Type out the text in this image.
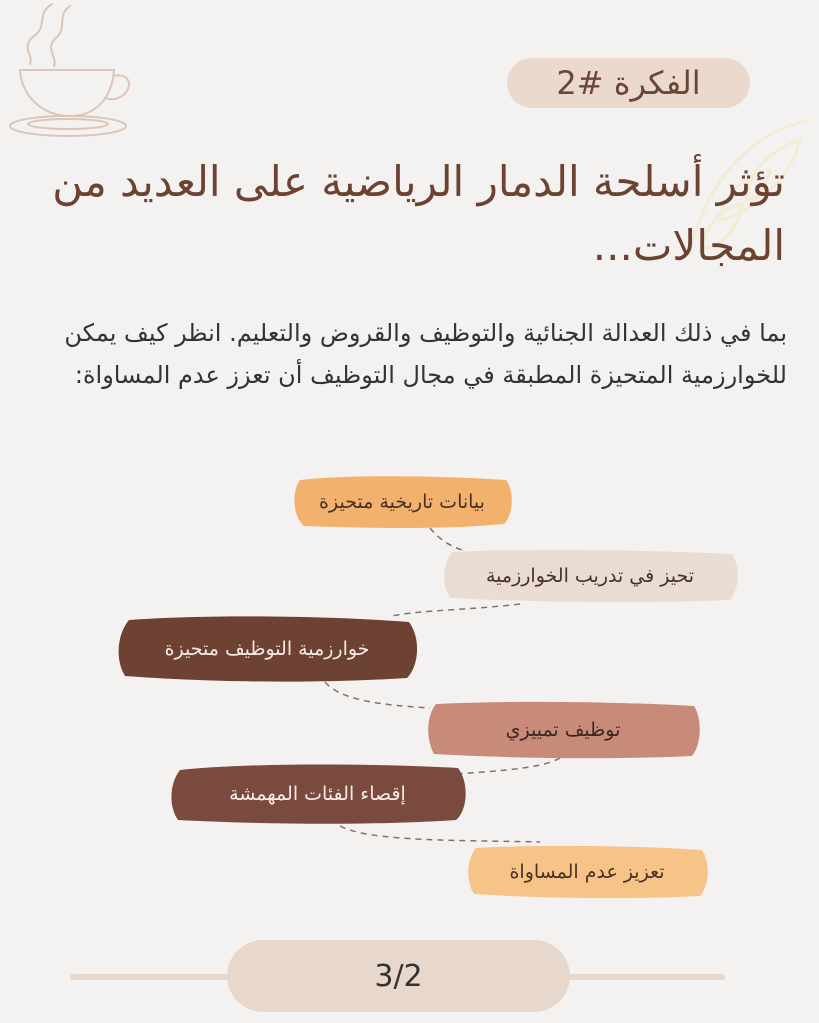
الفكرة #2
تؤثر أسلحة الدمار الرياضية على العديد من المجالات...

بما في ذلك العدالة الجنائية والتوظيف والقروض والتعليم. انظر كيف يمكن للخوارزمية المتحيزة المطبقة في مجال التوظيف أن تعزز عدم المساواة:

بيانات تاريخية متحيزة
تحيز في تدريب الخوارزمية
خوارزمية التوظيف متحيزة
توظيف تمييزي
إقصاء الفئات المهمشة
تعزيز عدم المساواة
3/2
